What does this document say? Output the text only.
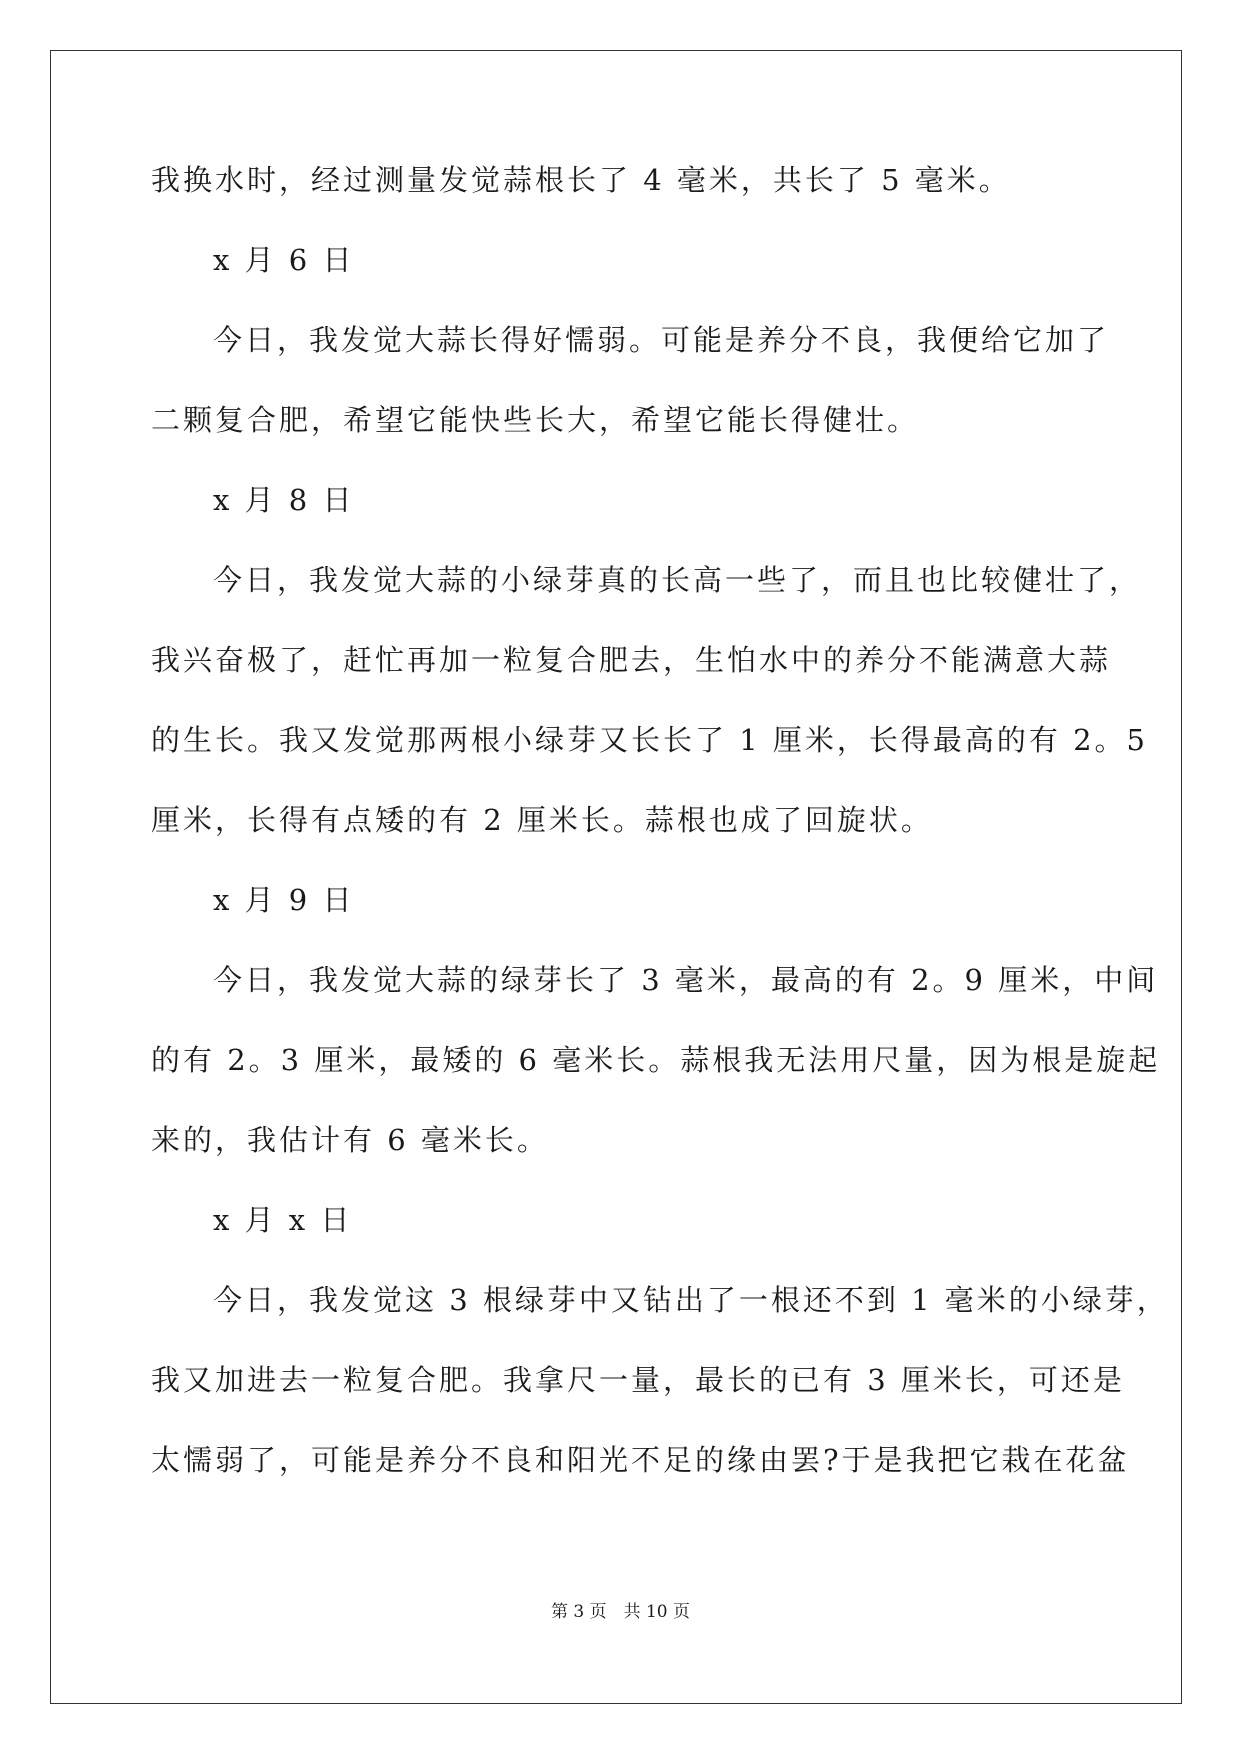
我换水时，经过测量发觉蒜根长了 4 毫米，共长了 5 毫米。
x 月 6 日
今日，我发觉大蒜长得好懦弱。可能是养分不良，我便给它加了
二颗复合肥，希望它能快些长大，希望它能长得健壮。
x 月 8 日
今日，我发觉大蒜的小绿芽真的长高一些了，而且也比较健壮了，
我兴奋极了，赶忙再加一粒复合肥去，生怕水中的养分不能满意大蒜
的生长。我又发觉那两根小绿芽又长长了 1 厘米，长得最高的有 2。5
厘米，长得有点矮的有 2 厘米长。蒜根也成了回旋状。
x 月 9 日
今日，我发觉大蒜的绿芽长了 3 毫米，最高的有 2。9 厘米，中间
的有 2。3 厘米，最矮的 6 毫米长。蒜根我无法用尺量，因为根是旋起
来的，我估计有 6 毫米长。
x 月 x 日
今日，我发觉这 3 根绿芽中又钻出了一根还不到 1 毫米的小绿芽，
我又加进去一粒复合肥。我拿尺一量，最长的已有 3 厘米长，可还是
太懦弱了，可能是养分不良和阳光不足的缘由罢?于是我把它栽在花盆
第 3 页　共 10 页
